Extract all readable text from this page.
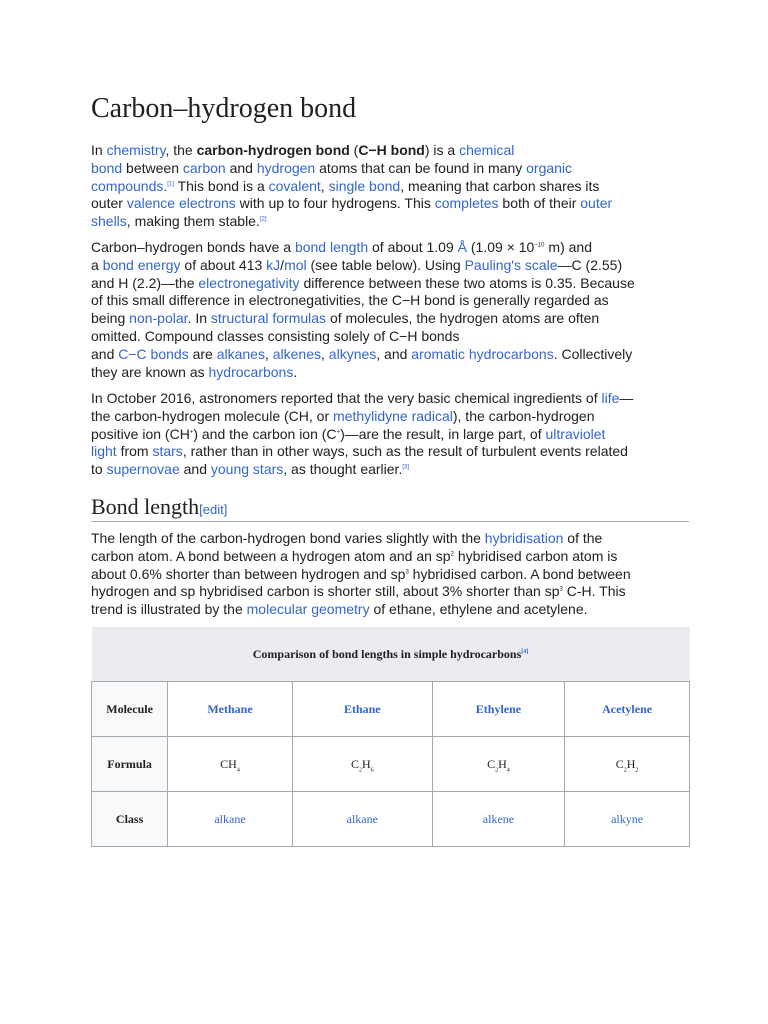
Carbon–hydrogen bond

In chemistry, the carbon-hydrogen bond (C−H bond) is a chemical
bond between carbon and hydrogen atoms that can be found in many organic
compounds.[1] This bond is a covalent, single bond, meaning that carbon shares its
outer valence electrons with up to four hydrogens. This completes both of their outer
shells, making them stable.[2]

Carbon–hydrogen bonds have a bond length of about 1.09 Å ($1.09 \times 10^{-10}$ m) and
a bond energy of about 413 kJ/mol (see table below). Using Pauling's scale—C (2.55)
and H (2.2)—the electronegativity difference between these two atoms is 0.35. Because
of this small difference in electronegativities, the C−H bond is generally regarded as
being non-polar. In structural formulas of molecules, the hydrogen atoms are often
omitted. Compound classes consisting solely of C−H bonds
and C−C bonds are alkanes, alkenes, alkynes, and aromatic hydrocarbons. Collectively
they are known as hydrocarbons.

In October 2016, astronomers reported that the very basic chemical ingredients of life—
the carbon-hydrogen molecule (CH, or methylidyne radical), the carbon-hydrogen
positive ion (CH+) and the carbon ion (C+)—are the result, in large part, of ultraviolet
light from stars, rather than in other ways, such as the result of turbulent events related
to supernovae and young stars, as thought earlier.[3]

Bond length[edit]

The length of the carbon-hydrogen bond varies slightly with the hybridisation of the
carbon atom. A bond between a hydrogen atom and an $sp^2$ hybridised carbon atom is
about 0.6% shorter than between hydrogen and $sp^3$ hybridised carbon. A bond between
hydrogen and sp hybridised carbon is shorter still, about 3% shorter than $sp^3$ C-H. This
trend is illustrated by the molecular geometry of ethane, ethylene and acetylene.

Comparison of bond lengths in simple hydrocarbons[4]
Molecule	Methane	Ethane	Ethylene	Acetylene
Formula	$CH_4$	$C_2H_6$	$C_2H_4$	$C_2H_2$
Class	alkane	alkane	alkene	alkyne
